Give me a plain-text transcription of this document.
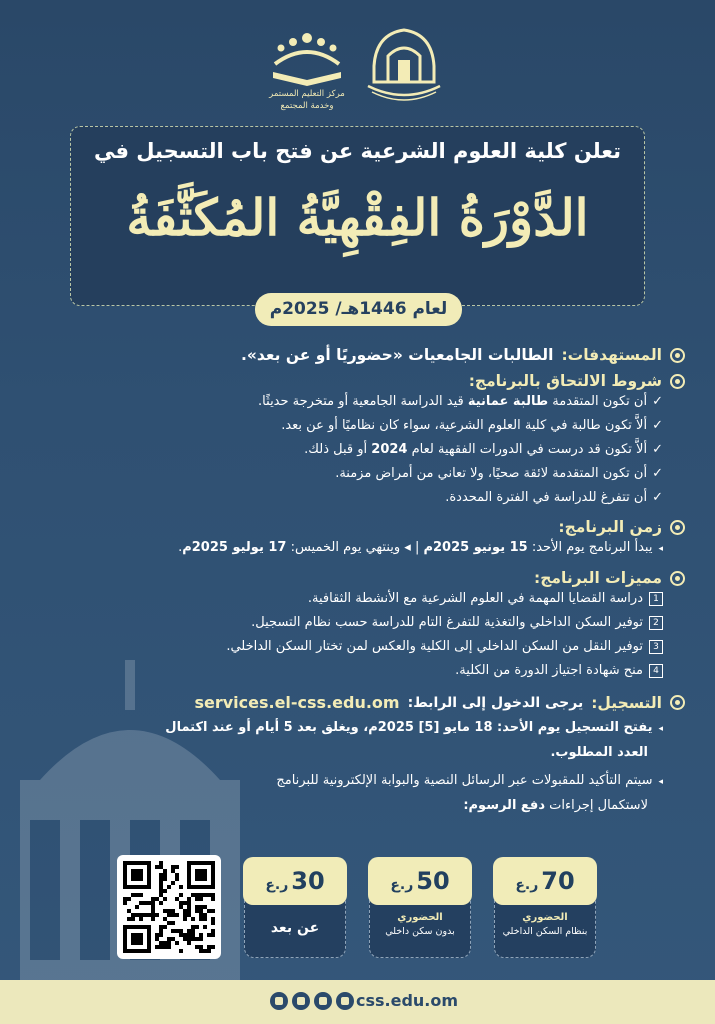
مركز التعليم المستمر
وخدمة المجتمع
تعلن كلية العلوم الشرعية عن فتح باب التسجيل في
الدَّوْرَةُ الفِقْهِيَّةُ المُكَثَّفَةُ
لعام 1446هـ/ 2025م
المستهدفات:
الطالبات الجامعيات «حضوريًا أو عن بعد».
شروط الالتحاق بالبرنامج:
✓أن تكون المتقدمة طالبة عمانية قيد الدراسة الجامعية أو متخرجة حديثًا.
✓ألاَّ تكون طالبة في كلية العلوم الشرعية، سواء كان نظاميًا أو عن بعد.
✓ألاَّ تكون قد درست في الدورات الفقهية لعام 2024 أو قبل ذلك.
✓أن تكون المتقدمة لائقة صحيًا، ولا تعاني من أمراض مزمنة.
✓أن تتفرغ للدراسة في الفترة المحددة.
زمن البرنامج:
◂يبدأ البرنامج يوم الأحد: 15 يونيو 2025م | ◂ وينتهي يوم الخميس: 17 يوليو 2025م.
مميزات البرنامج:
1دراسة القضايا المهمة في العلوم الشرعية مع الأنشطة الثقافية.
2توفير السكن الداخلي والتغذية للتفرغ التام للدراسة حسب نظام التسجيل.
3توفير النقل من السكن الداخلي إلى الكلية والعكس لمن تختار السكن الداخلي.
4منح شهادة اجتياز الدورة من الكلية.
التسجيل:
يرجى الدخول إلى الرابط:
services.el-css.edu.om
◂يفتح التسجيل يوم الأحد: 18 مايو [5] 2025م، ويغلق بعد 5 أيام أو عند اكتمال
العدد المطلوب.
◂سيتم التأكيد للمقبولات عبر الرسائل النصية والبوابة الإلكترونية للبرنامج
لاستكمال إجراءات دفع الرسوم:
70ر.ع
الحضوري
بنظام السكن الداخلي
50ر.ع
الحضوري
بدون سكن داخلي
30ر.ع
عن بعد
css.edu.om
